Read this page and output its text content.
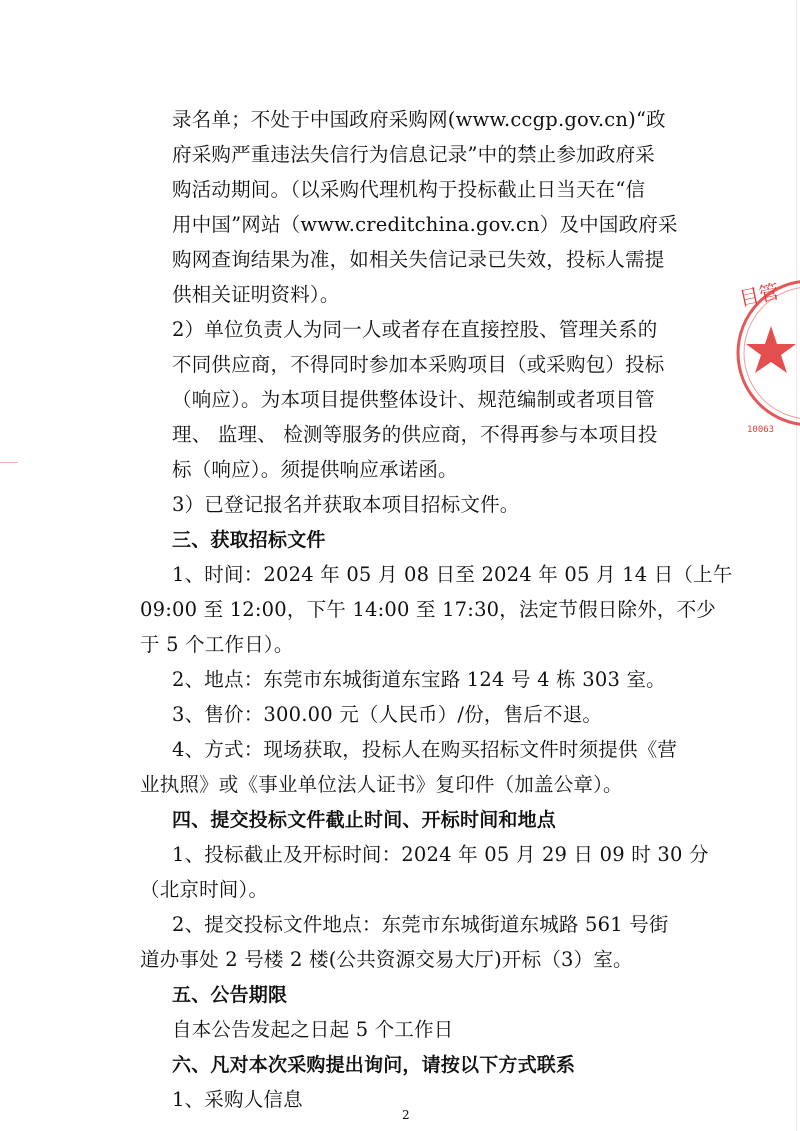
录名单；不处于中国政府采购网(www.ccgp.gov.cn)“政
府采购严重违法失信行为信息记录”中的禁止参加政府采
购活动期间。（以采购代理机构于投标截止日当天在“信
用中国”网站（www.creditchina.gov.cn）及中国政府采
购网查询结果为准，如相关失信记录已失效，投标人需提
供相关证明资料）。
2）单位负责人为同一人或者存在直接控股、管理关系的
不同供应商，不得同时参加本采购项目（或采购包）投标
（响应）。为本项目提供整体设计、规范编制或者项目管
理、 监理、 检测等服务的供应商，不得再参与本项目投
标（响应）。须提供响应承诺函。
3）已登记报名并获取本项目招标文件。
三、获取招标文件
1、时间：2024 年 05 月 08 日至 2024 年 05 月 14 日（上午
09:00 至 12:00，下午 14:00 至 17:30，法定节假日除外，不少
于 5 个工作日）。
2、地点：东莞市东城街道东宝路 124 号 4 栋 303 室。
3、售价：300.00 元（人民币）/份，售后不退。
4、方式：现场获取，投标人在购买招标文件时须提供《营
业执照》或《事业单位法人证书》复印件（加盖公章）。
四、提交投标文件截止时间、开标时间和地点
1、投标截止及开标时间：2024 年 05 月 29 日 09 时 30 分
（北京时间）。
2、提交投标文件地点：东莞市东城街道东城路 561 号街
道办事处 2 号楼 2 楼(公共资源交易大厅)开标（3）室。
五、公告期限
自本公告发起之日起 5 个工作日
六、凡对本次采购提出询问，请按以下方式联系
1、采购人信息
2
目管
10063
